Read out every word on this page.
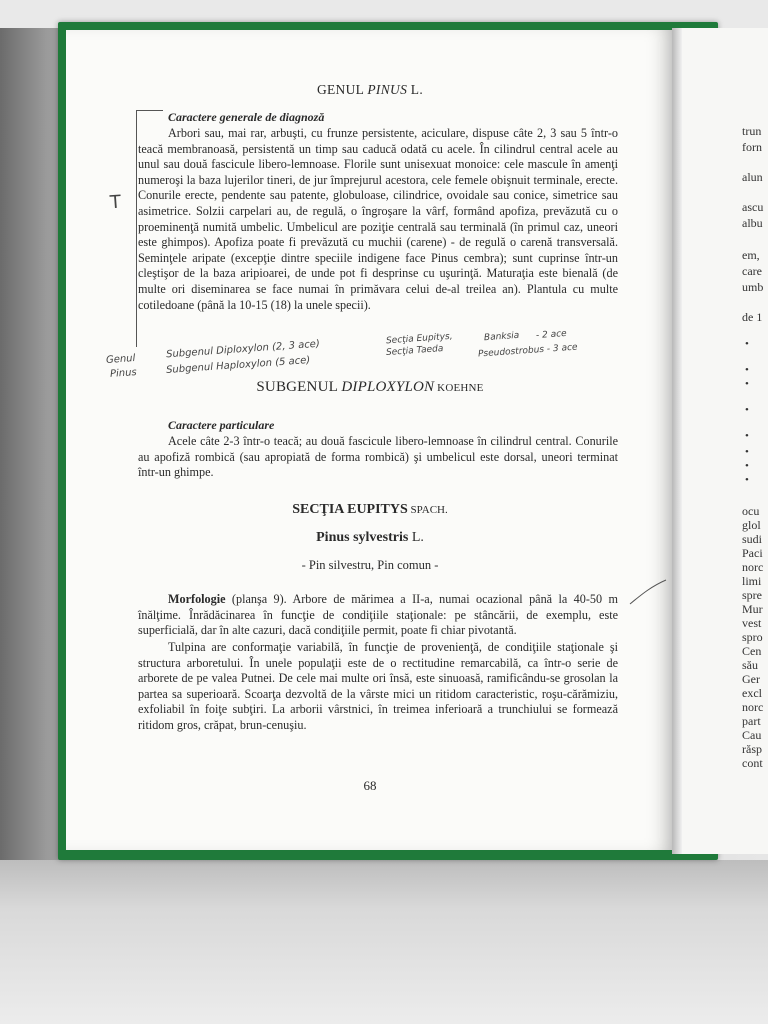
GENUL PINUS L.
Caractere generale de diagnoză
Arbori sau, mai rar, arbuşti, cu frunze persistente, aciculare, dispuse câte 2, 3 sau 5 într-o teacă membranoasă, persistentă un timp sau caducă odată cu acele. În cilindrul central acele au unul sau două fascicule libero-lemnoase. Florile sunt unisexuat monoice: cele mascule în amenţi numeroşi la baza lujerilor tineri, de jur împrejurul acestora, cele femele obişnuit terminale, erecte. Conurile erecte, pendente sau patente, globuloase, cilindrice, ovoidale sau conice, simetrice sau asimetrice. Solzii carpelari au, de regulă, o îngroşare la vârf, formând apofiza, prevăzută cu o proeminenţă numită umbelic. Umbelicul are poziţie centrală sau terminală (în primul caz, uneori este ghimpos). Apofiza poate fi prevăzută cu muchii (carene) - de regulă o carenă transversală. Seminţele aripate (excepţie dintre speciile indigene face Pinus cembra); sunt cuprinse într-un cleştişor de la baza aripioarei, de unde pot fi desprinse cu uşurinţă. Maturaţia este bienală (de multe ori diseminarea se face numai în primăvara celui de-al treilea an). Plantula cu multe cotiledoane (până la 10-15 (18) la unele specii).
T
Genul
Pinus
Subgenul Diploxylon (2, 3 ace)
Subgenul Haploxylon (5 ace)
Secţia Eupitys,
Secţia Taeda
Banksia - 2 ace
Pseudostrobus - 3 ace
SUBGENUL DIPLOXYLON KOEHNE
Caractere particulare
Acele câte 2-3 într-o teacă; au două fascicule libero-lemnoase în cilindrul central. Conurile au apofiză rombică (sau apropiată de forma rombică) şi umbelicul este dorsal, uneori terminat într-un ghimpe.
SECŢIA EUPITYS SPACH.
Pinus sylvestris L.
- Pin silvestru, Pin comun -
Morfologie (planşa 9). Arbore de mărimea a II-a, numai ocazional până la 40-50 m înălţime. Înrădăcinarea în funcţie de condiţiile staţionale: pe stâncării, de exemplu, este superficială, dar în alte cazuri, dacă condiţiile permit, poate fi chiar pivotantă.
Tulpina are conformaţie variabilă, în funcţie de provenienţă, de condiţiile staţionale şi structura arboretului. În unele populaţii este de o rectitudine remarcabilă, ca într-o serie de arborete de pe valea Putnei. De cele mai multe ori însă, este sinuoasă, ramificându-se grosolan la partea sa superioară. Scoarţa dezvoltă de la vârste mici un ritidom caracteristic, roşu-cărămiziu, exfoliabil în foiţe subţiri. La arborii vârstnici, în treimea inferioară a trunchiului se formează ritidom gros, crăpat, brun-cenuşiu.
68
trun
forn
alun
ascu
albu
em,
care
umb
de 1
•
•
•
•
•
•
•
•
ocu
glol
sudi
Paci
norc
limi
spre
Mur
vest
spro
Cen
său
Ger
excl
norc
part
Cau
răsp
cont
